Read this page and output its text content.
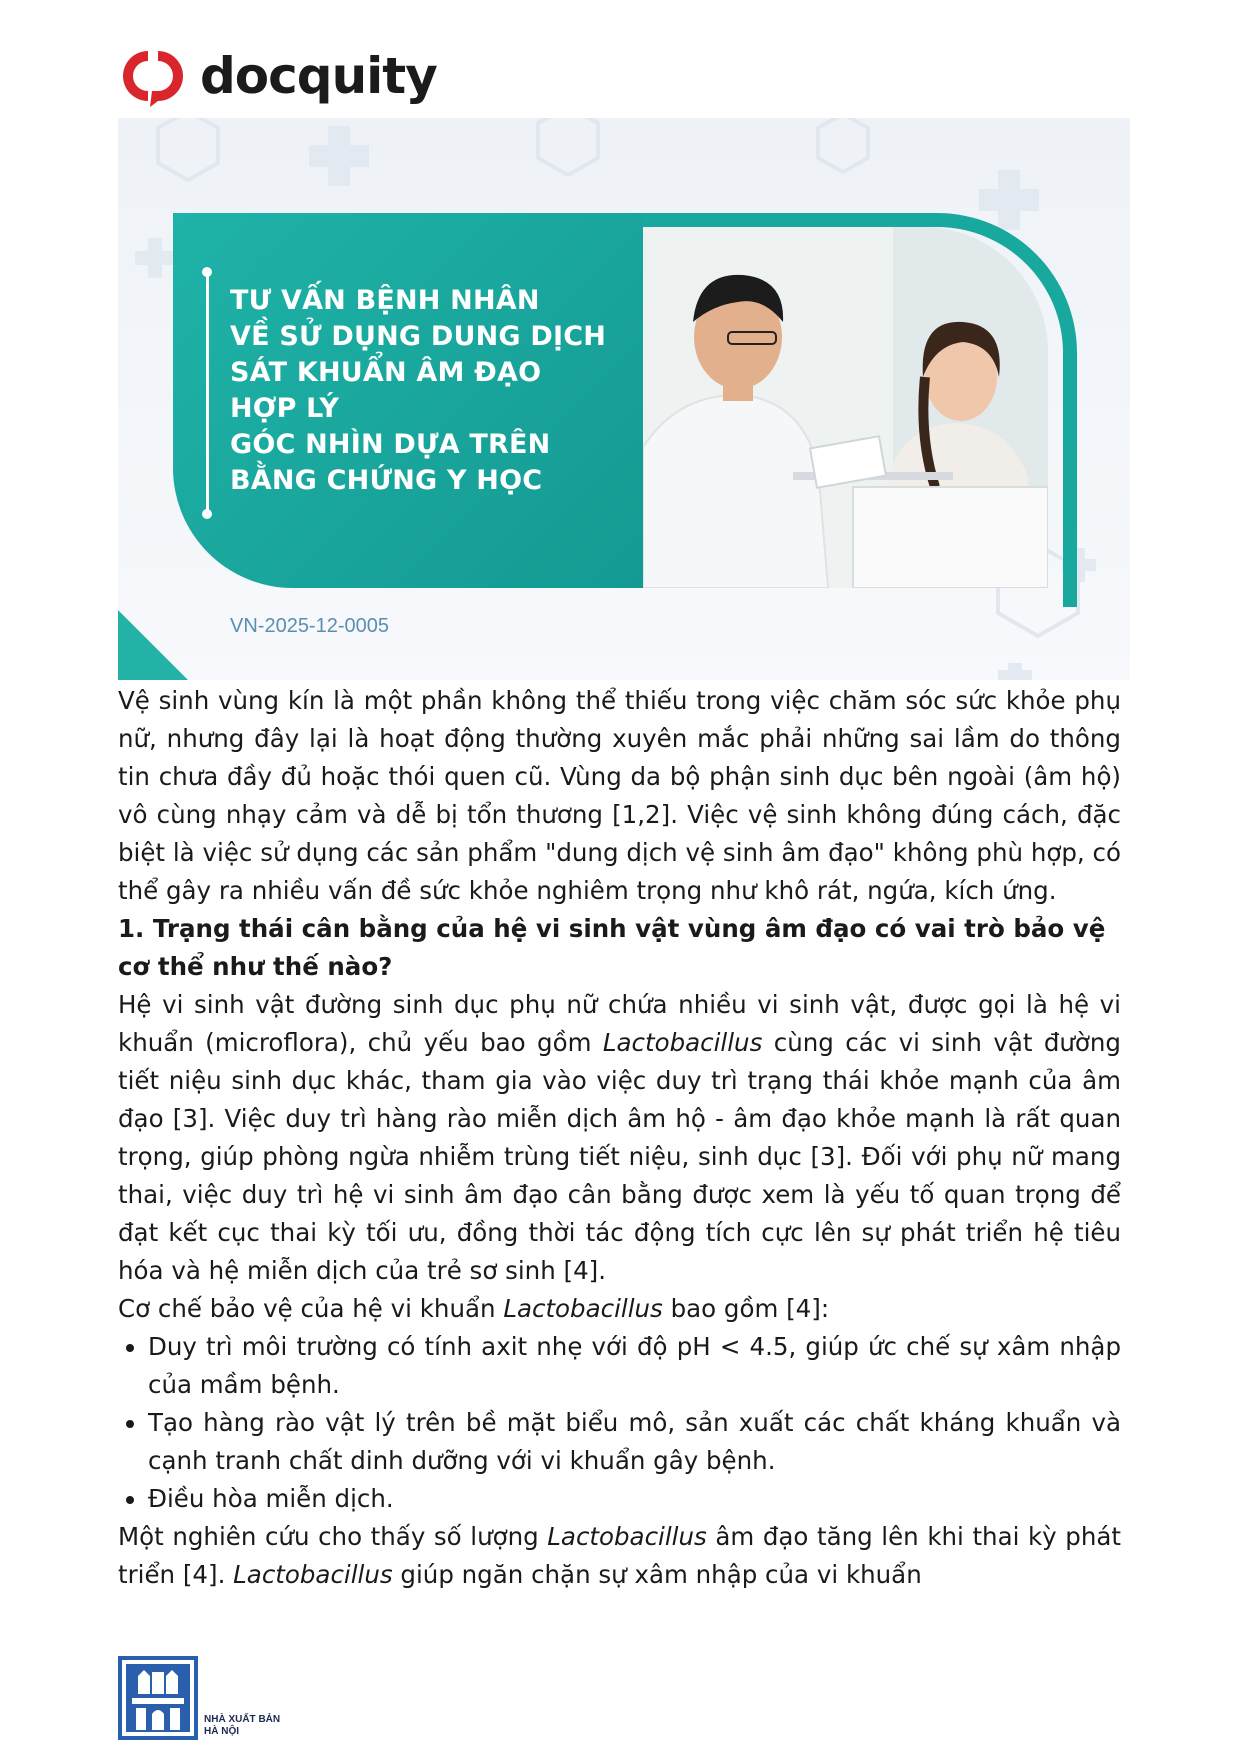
docquity
TƯ VẤN BỆNH NHÂN
VỀ SỬ DỤNG DUNG DỊCH
SÁT KHUẨN ÂM ĐẠO
HỢP LÝ
GÓC NHÌN DỰA TRÊN
BẰNG CHỨNG Y HỌC
VN-2025-12-0005

Vệ sinh vùng kín là một phần không thể thiếu trong việc chăm sóc sức khỏe phụ nữ, nhưng đây lại là hoạt động thường xuyên mắc phải những sai lầm do thông tin chưa đầy đủ hoặc thói quen cũ. Vùng da bộ phận sinh dục bên ngoài (âm hộ) vô cùng nhạy cảm và dễ bị tổn thương [1,2]. Việc vệ sinh không đúng cách, đặc biệt là việc sử dụng các sản phẩm "dung dịch vệ sinh âm đạo" không phù hợp, có thể gây ra nhiều vấn đề sức khỏe nghiêm trọng như khô rát, ngứa, kích ứng.

1. Trạng thái cân bằng của hệ vi sinh vật vùng âm đạo có vai trò bảo vệ cơ thể như thế nào?

Hệ vi sinh vật đường sinh dục phụ nữ chứa nhiều vi sinh vật, được gọi là hệ vi khuẩn (microflora), chủ yếu bao gồm Lactobacillus cùng các vi sinh vật đường tiết niệu sinh dục khác, tham gia vào việc duy trì trạng thái khỏe mạnh của âm đạo [3]. Việc duy trì hàng rào miễn dịch âm hộ - âm đạo khỏe mạnh là rất quan trọng, giúp phòng ngừa nhiễm trùng tiết niệu, sinh dục [3]. Đối với phụ nữ mang thai, việc duy trì hệ vi sinh âm đạo cân bằng được xem là yếu tố quan trọng để đạt kết cục thai kỳ tối ưu, đồng thời tác động tích cực lên sự phát triển hệ tiêu hóa và hệ miễn dịch của trẻ sơ sinh [4].

Cơ chế bảo vệ của hệ vi khuẩn Lactobacillus bao gồm [4]:

• Duy trì môi trường có tính axit nhẹ với độ pH < 4.5, giúp ức chế sự xâm nhập của mầm bệnh.
• Tạo hàng rào vật lý trên bề mặt biểu mô, sản xuất các chất kháng khuẩn và cạnh tranh chất dinh dưỡng với vi khuẩn gây bệnh.
• Điều hòa miễn dịch.

Một nghiên cứu cho thấy số lượng Lactobacillus âm đạo tăng lên khi thai kỳ phát triển [4]. Lactobacillus giúp ngăn chặn sự xâm nhập của vi khuẩn

NHÀ XUẤT BẢN
HÀ NỘI
